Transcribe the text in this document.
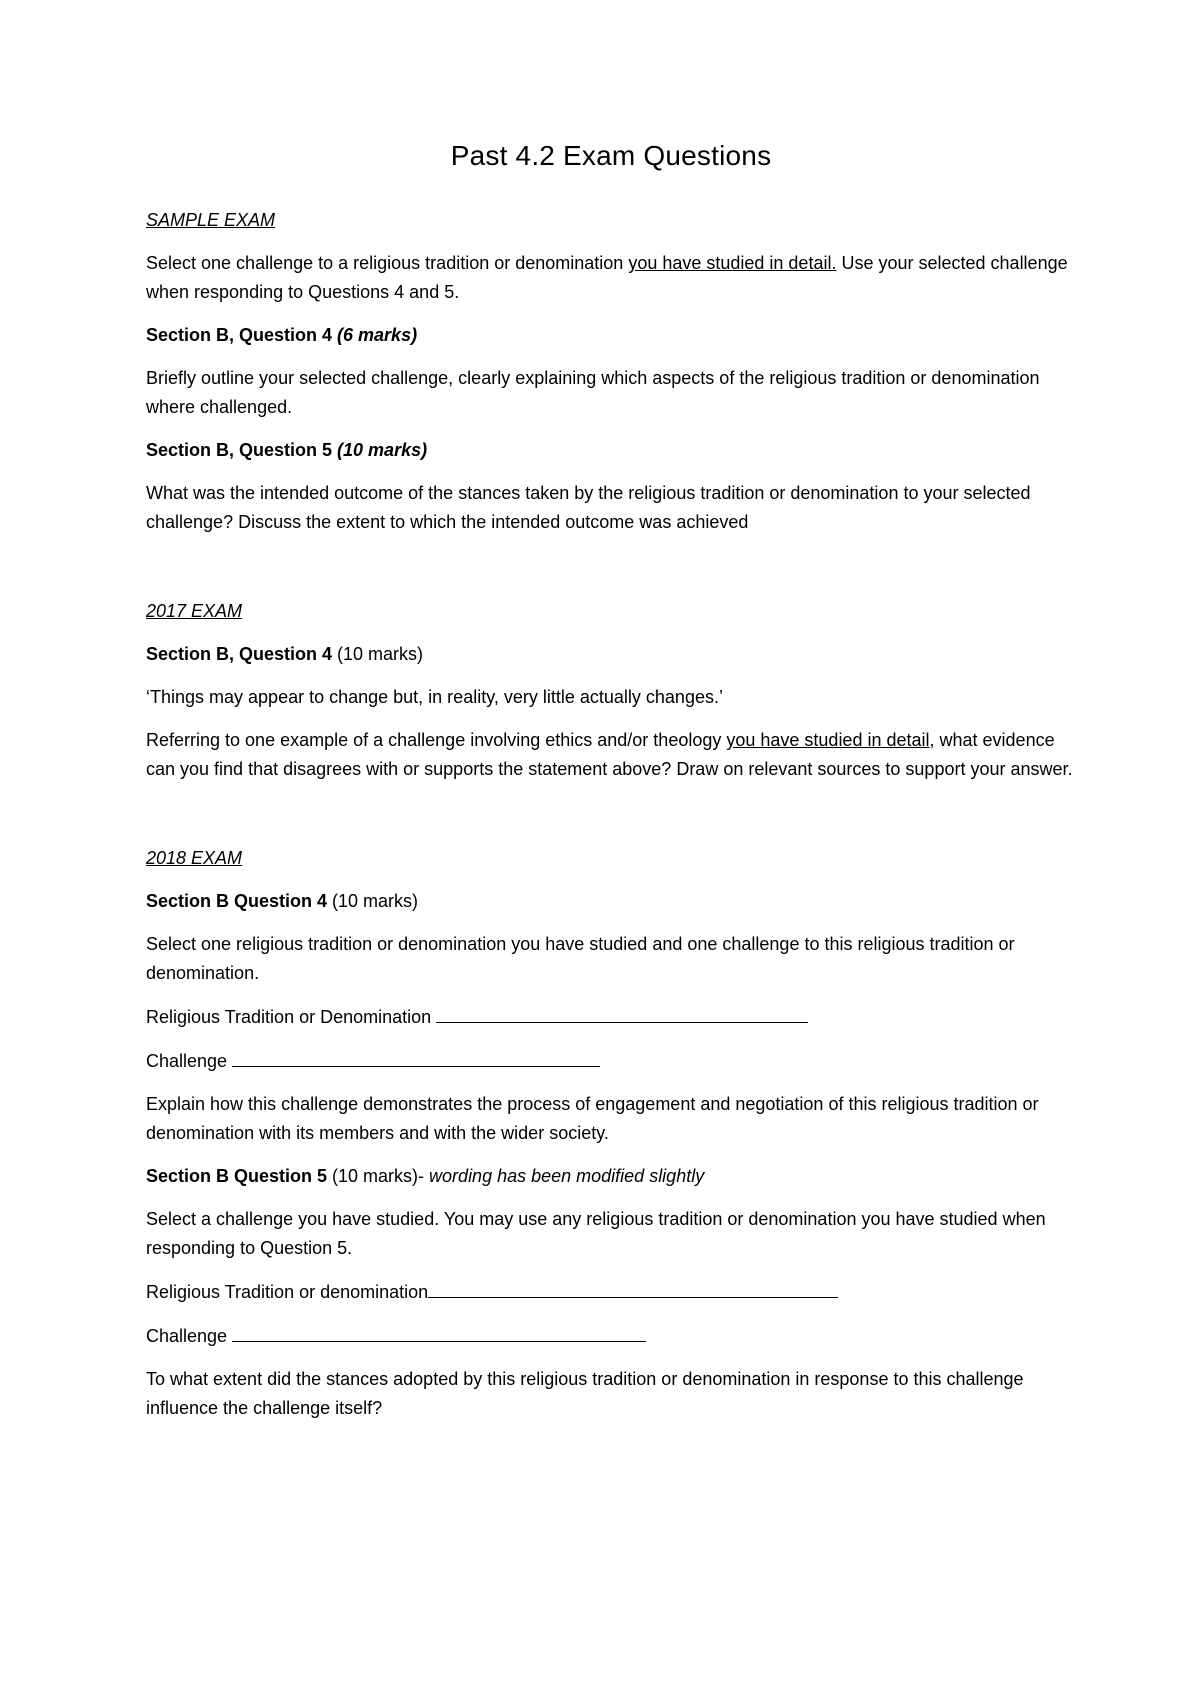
Past 4.2 Exam Questions

SAMPLE EXAM

Select one challenge to a religious tradition or denomination you have studied in detail. Use your selected challenge when responding to Questions 4 and 5.

Section B, Question 4 (6 marks)

Briefly outline your selected challenge, clearly explaining which aspects of the religious tradition or denomination where challenged.

Section B, Question 5 (10 marks)

What was the intended outcome of the stances taken by the religious tradition or denomination to your selected challenge? Discuss the extent to which the intended outcome was achieved

2017 EXAM

Section B, Question 4 (10 marks)

‘Things may appear to change but, in reality, very little actually changes.’

Referring to one example of a challenge involving ethics and/or theology you have studied in detail, what evidence can you find that disagrees with or supports the statement above? Draw on relevant sources to support your answer.

2018 EXAM

Section B Question 4 (10 marks)

Select one religious tradition or denomination you have studied and one challenge to this religious tradition or denomination.

Religious Tradition or Denomination

Challenge

Explain how this challenge demonstrates the process of engagement and negotiation of this religious tradition or denomination with its members and with the wider society.

Section B Question 5 (10 marks)- wording has been modified slightly

Select a challenge you have studied. You may use any religious tradition or denomination you have studied when responding to Question 5.

Religious Tradition or denomination

Challenge

To what extent did the stances adopted by this religious tradition or denomination in response to this challenge influence the challenge itself?
